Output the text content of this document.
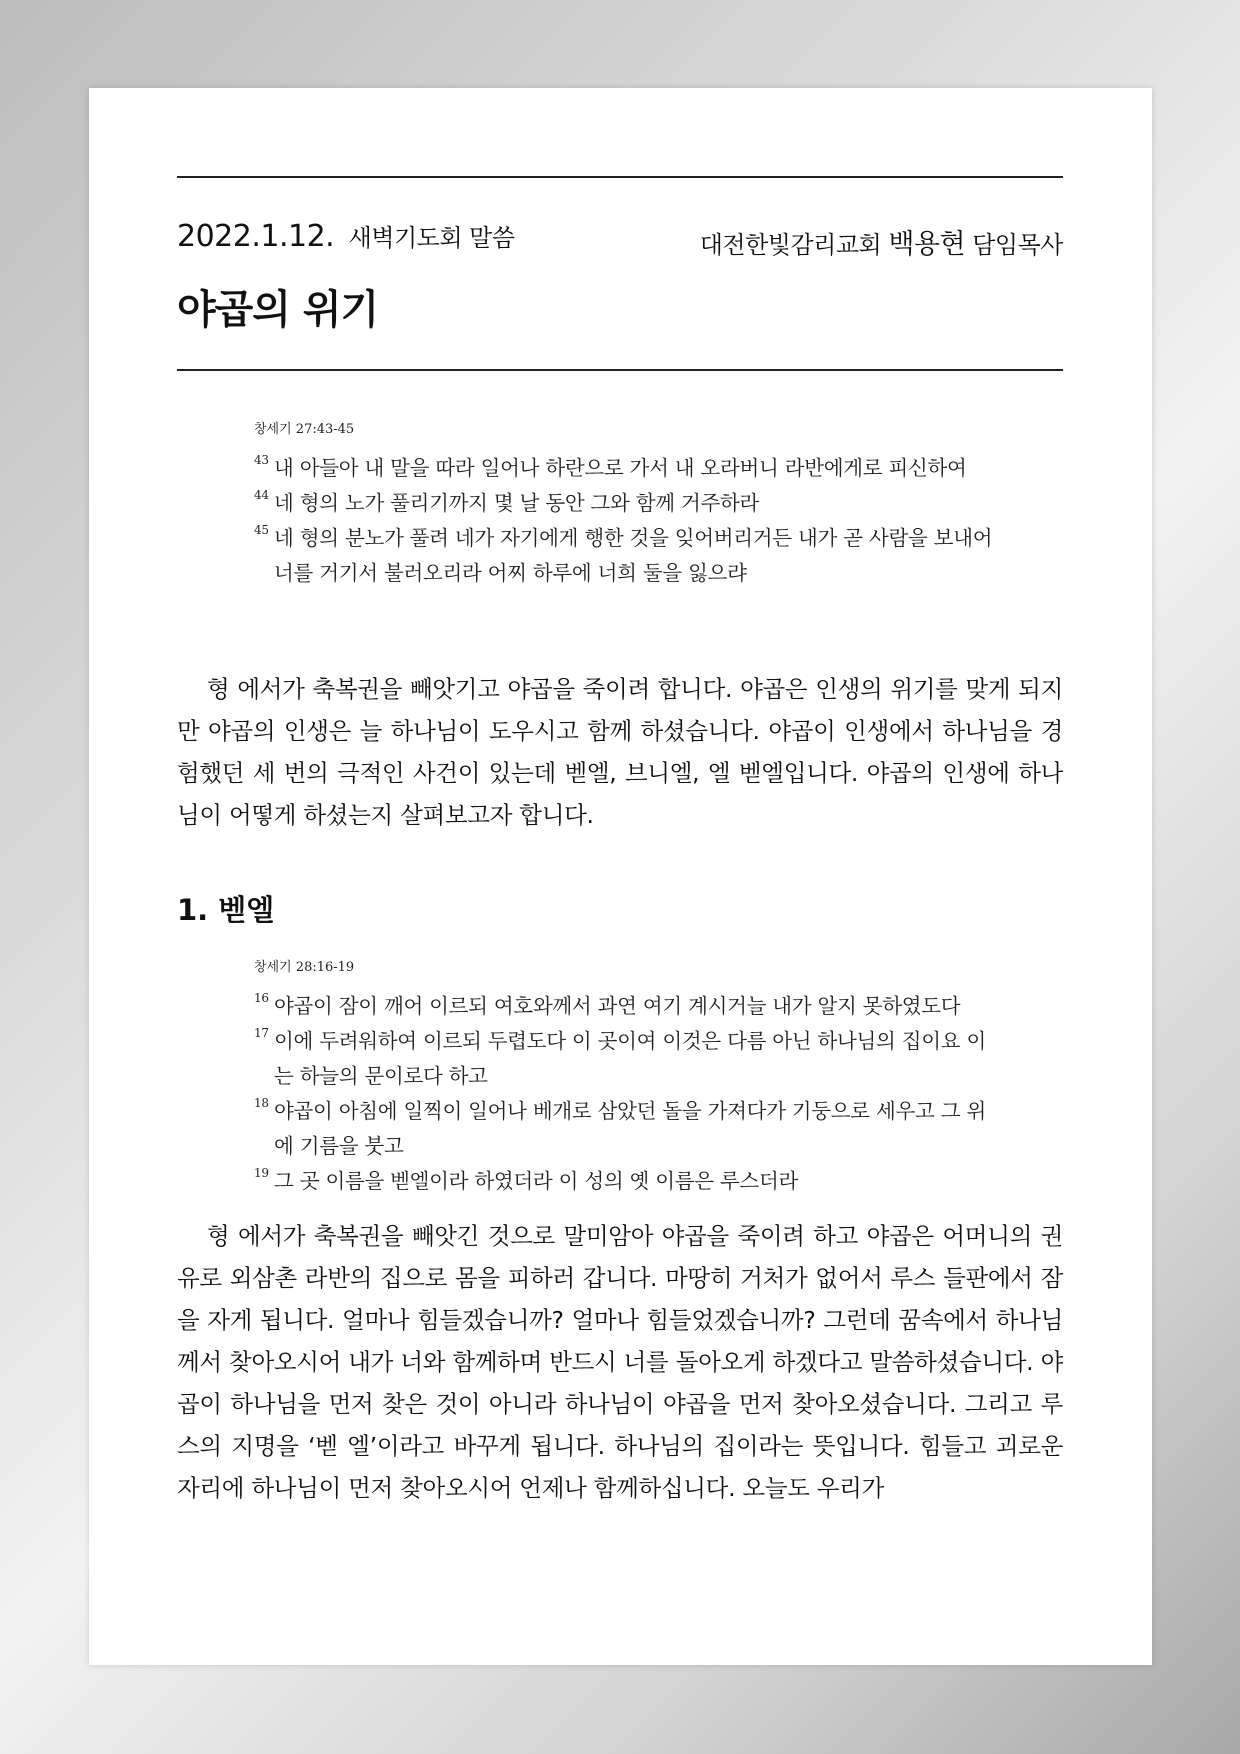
2022.1.12. 새벽기도회 말씀	대전한빛감리교회 백용현 담임목사
야곱의 위기
창세기 27:43-45
43 내 아들아 내 말을 따라 일어나 하란으로 가서 내 오라버니 라반에게로 피신하여
44 네 형의 노가 풀리기까지 몇 날 동안 그와 함께 거주하라
45 네 형의 분노가 풀려 네가 자기에게 행한 것을 잊어버리거든 내가 곧 사람을 보내어 너를 거기서 불러오리라 어찌 하루에 너희 둘을 잃으랴

형 에서가 축복권을 빼앗기고 야곱을 죽이려 합니다. 야곱은 인생의 위기를 맞게 되지만 야곱의 인생은 늘 하나님이 도우시고 함께 하셨습니다. 야곱이 인생에서 하나님을 경험했던 세 번의 극적인 사건이 있는데 벧엘, 브니엘, 엘 벧엘입니다. 야곱의 인생에 하나님이 어떻게 하셨는지 살펴보고자 합니다.

1. 벧엘
창세기 28:16-19
16 야곱이 잠이 깨어 이르되 여호와께서 과연 여기 계시거늘 내가 알지 못하였도다
17 이에 두려워하여 이르되 두렵도다 이 곳이여 이것은 다름 아닌 하나님의 집이요 이는 하늘의 문이로다 하고
18 야곱이 아침에 일찍이 일어나 베개로 삼았던 돌을 가져다가 기둥으로 세우고 그 위에 기름을 붓고
19 그 곳 이름을 벧엘이라 하였더라 이 성의 옛 이름은 루스더라

형 에서가 축복권을 빼앗긴 것으로 말미암아 야곱을 죽이려 하고 야곱은 어머니의 권유로 외삼촌 라반의 집으로 몸을 피하러 갑니다. 마땅히 거처가 없어서 루스 들판에서 잠을 자게 됩니다. 얼마나 힘들겠습니까? 얼마나 힘들었겠습니까? 그런데 꿈속에서 하나님께서 찾아오시어 내가 너와 함께하며 반드시 너를 돌아오게 하겠다고 말씀하셨습니다. 야곱이 하나님을 먼저 찾은 것이 아니라 하나님이 야곱을 먼저 찾아오셨습니다. 그리고 루스의 지명을 ‘벧 엘’이라고 바꾸게 됩니다. 하나님의 집이라는 뜻입니다. 힘들고 괴로운 자리에 하나님이 먼저 찾아오시어 언제나 함께하십니다. 오늘도 우리가
